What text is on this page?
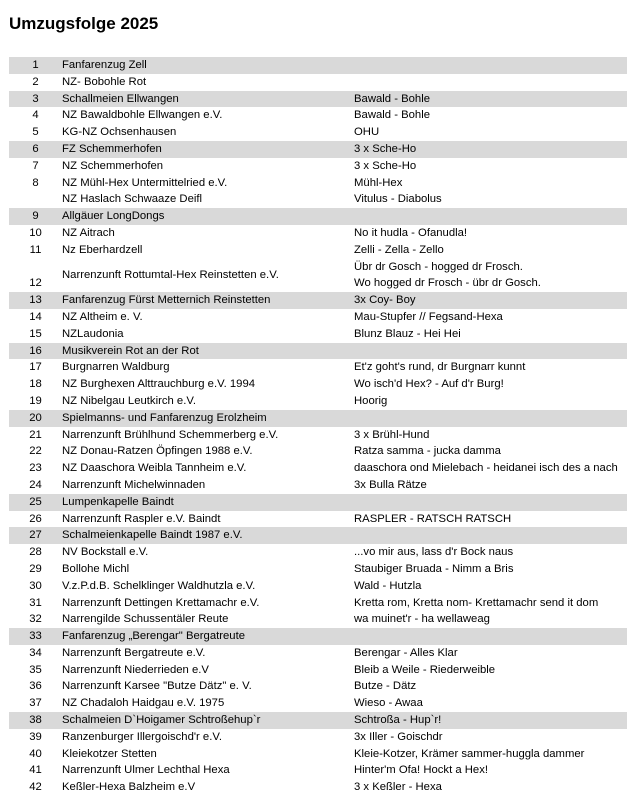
Umzugsfolge 2025
1	Fanfarenzug Zell	
2	NZ- Bobohle Rot	
3	Schallmeien Ellwangen	Bawald - Bohle
4	NZ Bawaldbohle Ellwangen e.V.	Bawald - Bohle
5	KG-NZ Ochsenhausen	OHU
6	FZ Schemmerhofen	3 x Sche-Ho
7	NZ Schemmerhofen	3 x Sche-Ho
8	NZ Mühl-Hex Untermittelried e.V.	Mühl-Hex
	NZ Haslach Schwaaze Deifl	Vitulus - Diabolus
9	Allgäuer LongDongs	
10	NZ Aitrach	No it hudla - Ofanudla!
11	Nz Eberhardzell	Zelli - Zella - Zello
12	Narrenzunft Rottumtal-Hex Reinstetten e.V.	Übr dr Gosch - hogged dr Frosch.
Wo hogged dr Frosch - übr dr Gosch.

13	Fanfarenzug Fürst Metternich Reinstetten	3x Coy- Boy
14	NZ Altheim e. V.	Mau-Stupfer // Fegsand-Hexa
15	NZLaudonia	Blunz Blauz - Hei Hei
16	Musikverein Rot an der Rot	
17	Burgnarren Waldburg	Et'z goht's rund, dr Burgnarr kunnt
18	NZ Burghexen Alttrauchburg e.V. 1994	Wo isch'd Hex? - Auf d'r Burg!
19	NZ Nibelgau Leutkirch e.V.	Hoorig
20	Spielmanns- und Fanfarenzug Erolzheim	
21	Narrenzunft Brühlhund Schemmerberg e.V.	3 x Brühl-Hund
22	NZ Donau-Ratzen Öpfingen 1988 e.V.	Ratza samma - jucka damma
23	NZ Daaschora Weibla Tannheim e.V.	daaschora ond Mielebach - heidanei isch des a nach
24	Narrenzunft Michelwinnaden	3x Bulla Rätze
25	Lumpenkapelle Baindt	
26	Narrenzunft Raspler e.V. Baindt	RASPLER - RATSCH RATSCH
27	Schalmeienkapelle Baindt 1987 e.V.	
28	NV Bockstall e.V.	...vo mir aus, lass d'r Bock naus
29	Bollohe Michl	Staubiger Bruada - Nimm a Bris
30	V.z.P.d.B. Schelklinger Waldhutzla e.V.	Wald - Hutzla
31	Narrenzunft Dettingen Krettamachr e.V.	Kretta rom, Kretta nom- Krettamachr send it dom
32	Narrengilde Schussentäler Reute	wa muinet'r - ha wellaweag
33	Fanfarenzug „Berengar" Bergatreute	
34	Narrenzunft Bergatreute e.V.	Berengar - Alles Klar
35	Narrenzunft Niederrieden e.V	Bleib a Weile - Riederweible
36	Narrenzunft Karsee "Butze Dätz" e. V.	Butze - Dätz
37	NZ Chadaloh Haidgau e.V. 1975	Wieso - Awaa
38	Schalmeien D`Hoigamer Schtroßehup`r	Schtroßa - Hup`r!
39	Ranzenburger Illergoischd'r e.V.	3x Iller - Goischdr
40	Kleiekotzer Stetten	Kleie-Kotzer, Krämer sammer-huggla dammer
41	Narrenzunft Ulmer Lechthal Hexa	Hinter'm Ofa! Hockt a Hex!
42	Keßler-Hexa Balzheim e.V	3 x Keßler - Hexa
